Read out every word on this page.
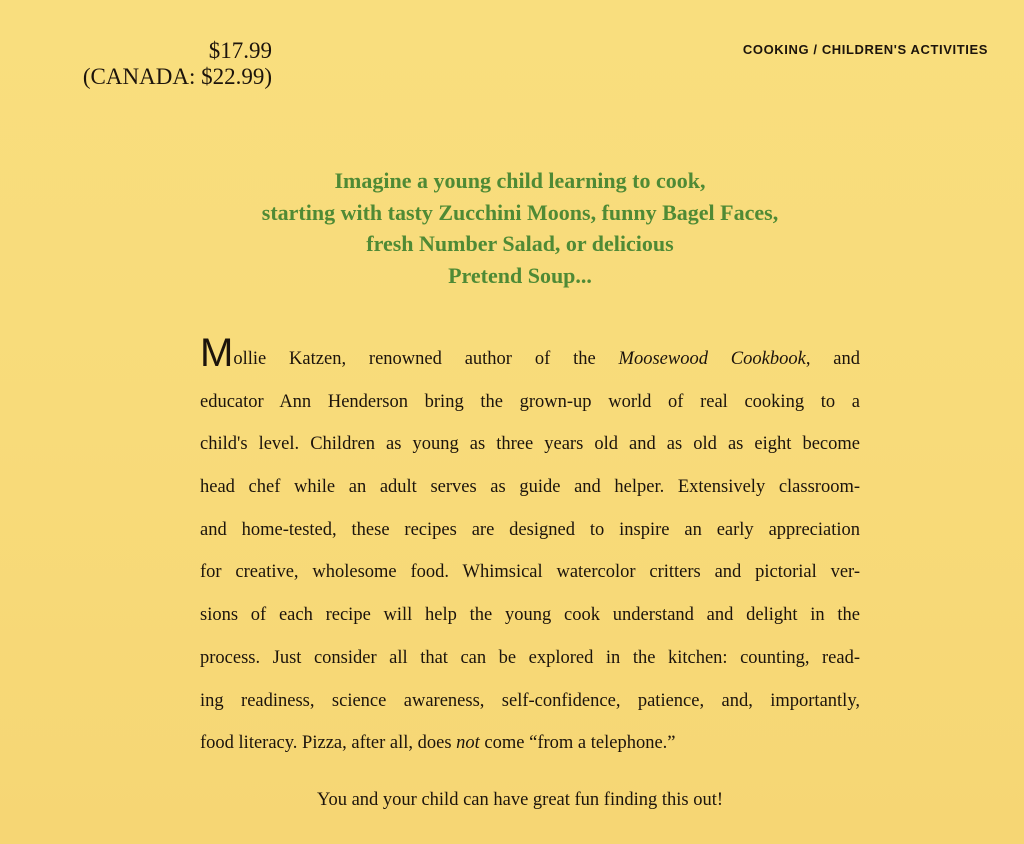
$17.99
(CANADA: $22.99)
COOKING / CHILDREN'S ACTIVITIES
Imagine a young child learning to cook,
starting with tasty Zucchini Moons, funny Bagel Faces,
fresh Number Salad, or delicious
Pretend Soup...
Mollie Katzen, renowned author of the Moosewood Cookbook, and
educator Ann Henderson bring the grown-up world of real cooking to a
child's level. Children as young as three years old and as old as eight become
head chef while an adult serves as guide and helper. Extensively classroom-
and home-tested, these recipes are designed to inspire an early appreciation
for creative, wholesome food. Whimsical watercolor critters and pictorial ver-
sions of each recipe will help the young cook understand and delight in the
process. Just consider all that can be explored in the kitchen: counting, read-
ing readiness, science awareness, self-confidence, patience, and, importantly,
food literacy. Pizza, after all, does not come “from a telephone.”
You and your child can have great fun finding this out!
